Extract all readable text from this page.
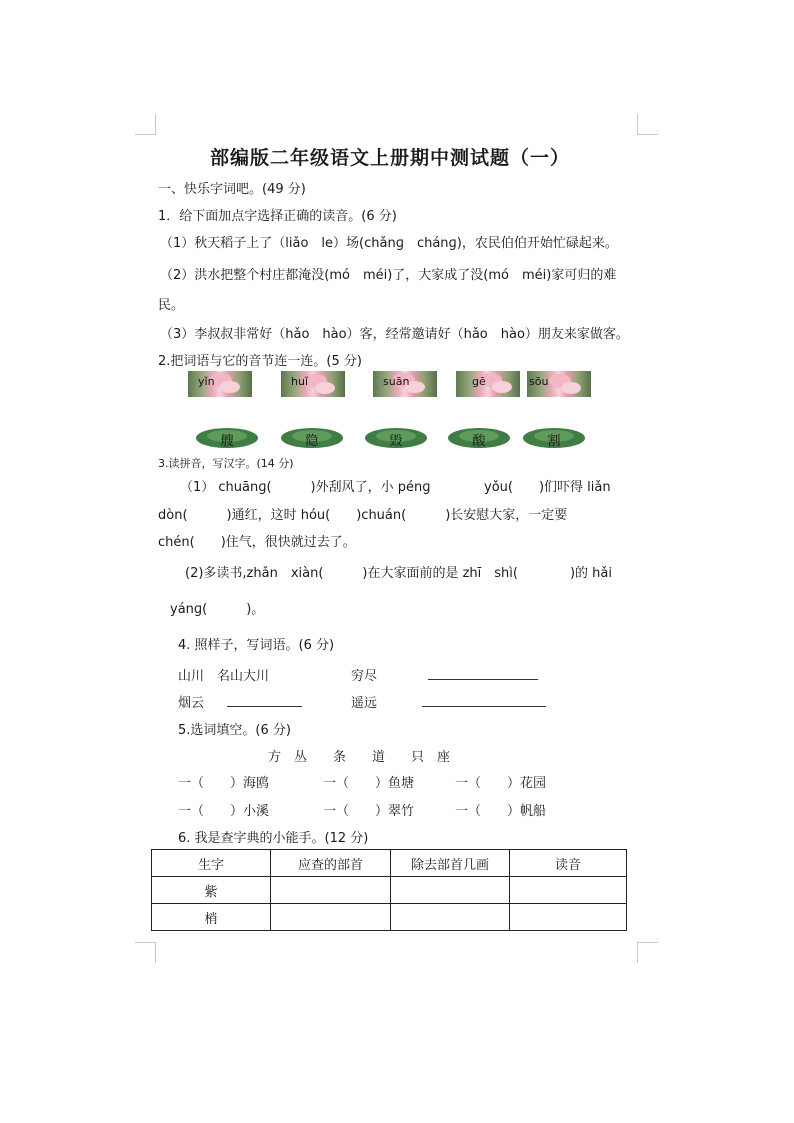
部编版二年级语文上册期中测试题（一）
一、快乐字词吧。(49 分)
1．给下面加点字选择正确的读音。(6 分)
（1）秋天稻子上了（liǎo　le）场(chǎnɡ　chánɡ)，农民伯伯开始忙碌起来。
（2）洪水把整个村庄都淹没(mó　méi)了，大家成了没(mó　méi)家可归的难
民。
（3）李叔叔非常好（hǎo　hào）客，经常邀请好（hǎo　hào）朋友来家做客。
2.把词语与它的音节连一连。(5 分)
yǐn	huǐ	suān	gē	sōu
艘	隐	毁	酸	割
3.读拼音，写汉字。(14 分)
（1） chuānɡ(　　　)外刮风了，小 pénɡ	yǒu(　　)们吓得 liǎn
dòn(　　　)通红，这时 hóu(　　)chuán(　　　)长安慰大家，一定要
chén(　　)住气，很快就过去了。
(2)多读书,zhǎn　xiàn(　　　)在大家面前的是 zhī　shì(　　　　)的 hǎi
yánɡ(　　　)。
4. 照样子，写词语。(6 分)
山川　名山大川	穷尽
烟云	遥远
5.选词填空。(6 分)
方　丛　　条　　道　　只　座
一（　　）海鸥	一（　　）鱼塘	一（　　）花园
一（　　）小溪	一（　　）翠竹	一（　　）帆船
6. 我是查字典的小能手。(12 分)
生字	应查的部首	除去部首几画	读音
紫			
梢			
